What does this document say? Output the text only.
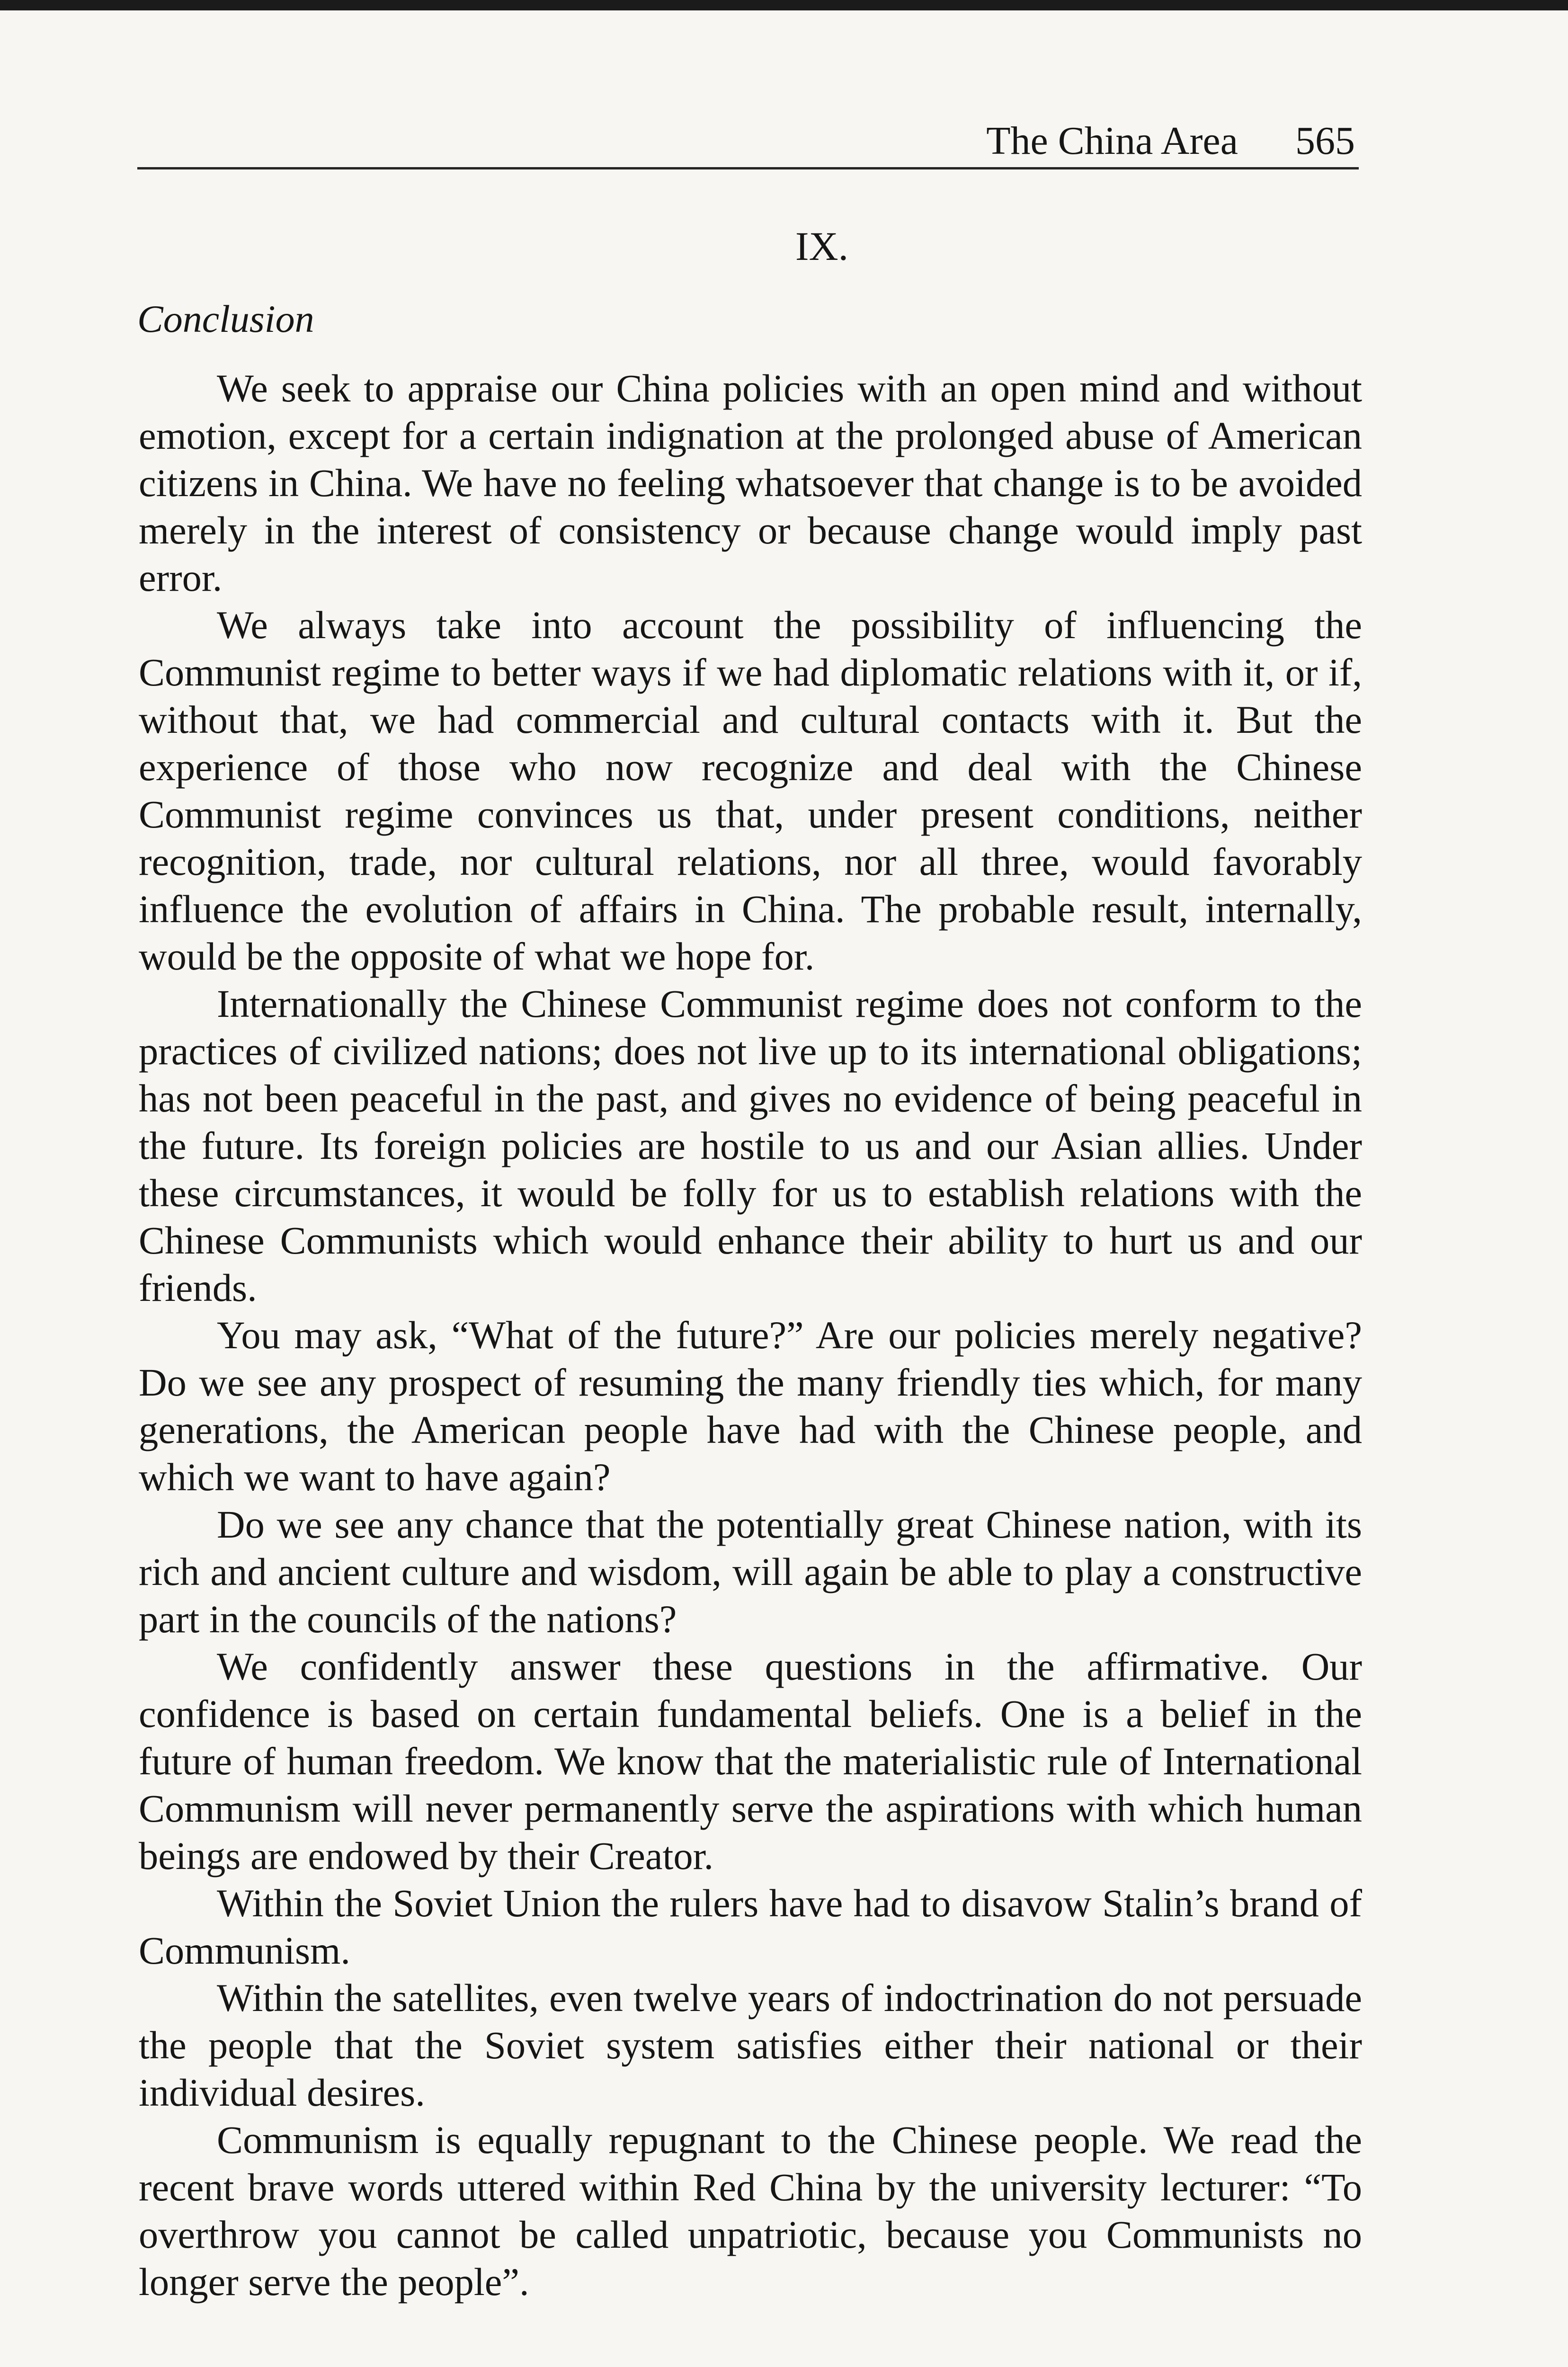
The China Area 565
IX.
Conclusion

We seek to appraise our China policies with an open mind and without emotion, except for a certain indignation at the prolonged abuse of American citizens in China. We have no feeling whatsoever that change is to be avoided merely in the interest of consistency or because change would imply past error.

We always take into account the possibility of influencing the Communist regime to better ways if we had diplomatic relations with it, or if, without that, we had commercial and cultural contacts with it. But the experience of those who now recognize and deal with the Chinese Communist regime convinces us that, under present conditions, neither recognition, trade, nor cultural relations, nor all three, would favorably influence the evolution of affairs in China. The probable result, internally, would be the opposite of what we hope for.

Internationally the Chinese Communist regime does not conform to the practices of civilized nations; does not live up to its international obligations; has not been peaceful in the past, and gives no evidence of being peaceful in the future. Its foreign policies are hostile to us and our Asian allies. Under these circumstances, it would be folly for us to establish relations with the Chinese Communists which would enhance their ability to hurt us and our friends.

You may ask, “What of the future?” Are our policies merely negative? Do we see any prospect of resuming the many friendly ties which, for many generations, the American people have had with the Chinese people, and which we want to have again?

Do we see any chance that the potentially great Chinese nation, with its rich and ancient culture and wisdom, will again be able to play a constructive part in the councils of the nations?

We confidently answer these questions in the affirmative. Our confidence is based on certain fundamental beliefs. One is a belief in the future of human freedom. We know that the materialistic rule of International Communism will never permanently serve the aspirations with which human beings are endowed by their Creator.

Within the Soviet Union the rulers have had to disavow Stalin’s brand of Communism.

Within the satellites, even twelve years of indoctrination do not persuade the people that the Soviet system satisfies either their national or their individual desires.

Communism is equally repugnant to the Chinese people. We read the recent brave words uttered within Red China by the university lecturer: “To overthrow you cannot be called unpatriotic, because you Communists no longer serve the people”.
